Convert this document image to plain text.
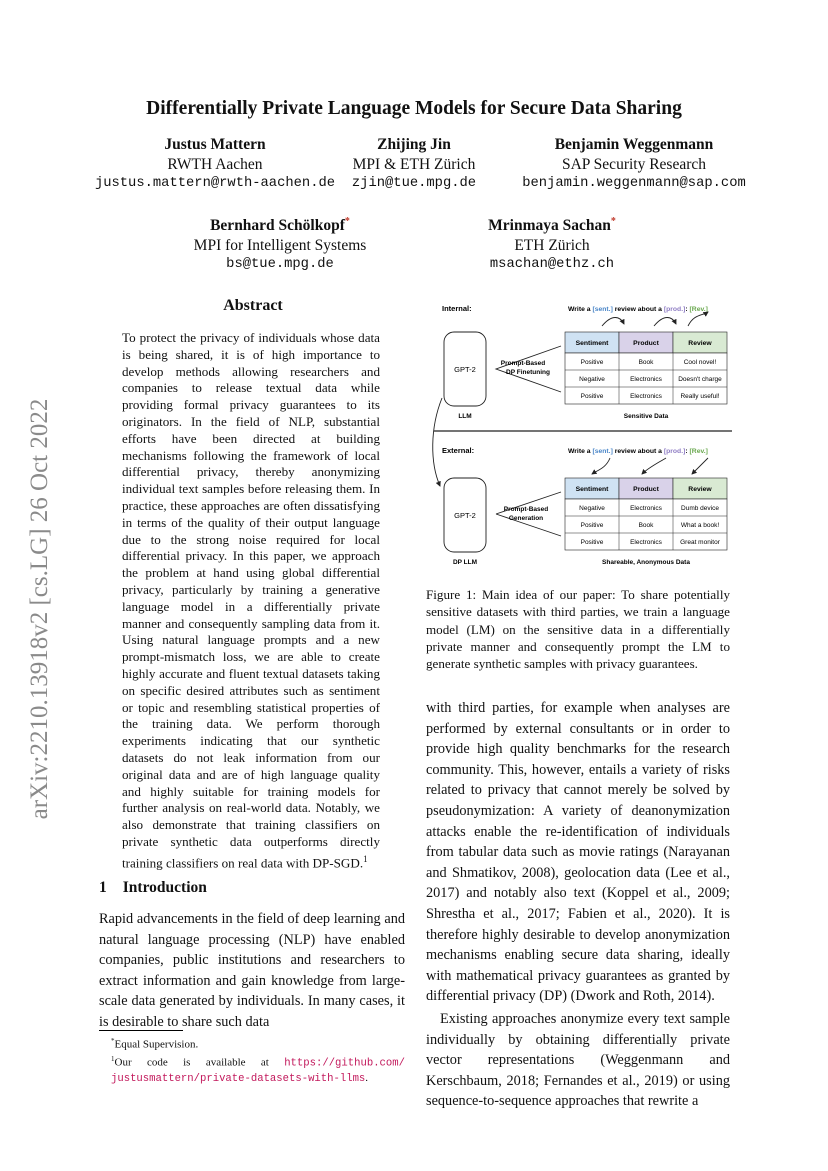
Differentially Private Language Models for Secure Data Sharing
Justus Mattern
RWTH Aachen
justus.mattern@rwth-aachen.de
Zhijing Jin
MPI & ETH Zürich
zjin@tue.mpg.de
Benjamin Weggenmann
SAP Security Research
benjamin.weggenmann@sap.com
Bernhard Schölkopf*
MPI for Intelligent Systems
bs@tue.mpg.de
Mrinmaya Sachan*
ETH Zürich
msachan@ethz.ch
arXiv:2210.13918v2 [cs.LG] 26 Oct 2022
Abstract
To protect the privacy of individuals whose data is being shared, it is of high importance to develop methods allowing researchers and companies to release textual data while providing formal privacy guarantees to its originators. In the field of NLP, substantial efforts have been directed at building mechanisms following the framework of local differential privacy, thereby anonymizing individual text samples before releasing them. In practice, these approaches are often dissatisfying in terms of the quality of their output language due to the strong noise required for local differential privacy. In this paper, we approach the problem at hand using global differential privacy, particularly by training a generative language model in a differentially private manner and consequently sampling data from it. Using natural language prompts and a new prompt-mismatch loss, we are able to create highly accurate and fluent textual datasets taking on specific desired attributes such as sentiment or topic and resembling statistical properties of the training data. We perform thorough experiments indicating that our synthetic datasets do not leak information from our original data and are of high language quality and highly suitable for training models for further analysis on real-world data. Notably, we also demonstrate that training classifiers on private synthetic data outperforms directly training classifiers on real data with DP-SGD.$^1$
1 Introduction
Rapid advancements in the field of deep learning and natural language processing (NLP) have enabled companies, public institutions and researchers to extract information and gain knowledge from large-scale data generated by individuals. In many cases, it is desirable to share such data
*Equal Supervision.
$^1$Our code is available at https://github.com/ justusmattern/private-datasets-with-llms.
Internal:	Write a [sent.] review about a [prod.]: [Rev.]
GPT-2
LLM
Prompt-Based
DP Finetuning
Sentiment	Product	Review
Positive	Book	Cool novel!
Negative	Electronics	Doesn't charge
Positive	Electronics	Really useful!
Sensitive Data
External:	Write a [sent.] review about a [prod.]: [Rev.]
GPT-2
DP LLM
Prompt-Based
Generation
Sentiment	Product	Review
Negative	Electronics	Dumb device
Positive	Book	What a book!
Positive	Electronics	Great monitor
Shareable, Anonymous Data
Figure 1: Main idea of our paper: To share potentially sensitive datasets with third parties, we train a language model (LM) on the sensitive data in a differentially private manner and consequently prompt the LM to generate synthetic samples with privacy guarantees.

with third parties, for example when analyses are performed by external consultants or in order to provide high quality benchmarks for the research community. This, however, entails a variety of risks related to privacy that cannot merely be solved by pseudonymization: A variety of deanonymization attacks enable the re-identification of individuals from tabular data such as movie ratings (Narayanan and Shmatikov, 2008), geolocation data (Lee et al., 2017) and notably also text (Koppel et al., 2009; Shrestha et al., 2017; Fabien et al., 2020). It is therefore highly desirable to develop anonymization mechanisms enabling secure data sharing, ideally with mathematical privacy guarantees as granted by differential privacy (DP) (Dwork and Roth, 2014).

Existing approaches anonymize every text sample individually by obtaining differentially private vector representations (Weggenmann and Kerschbaum, 2018; Fernandes et al., 2019) or using sequence-to-sequence approaches that rewrite a
